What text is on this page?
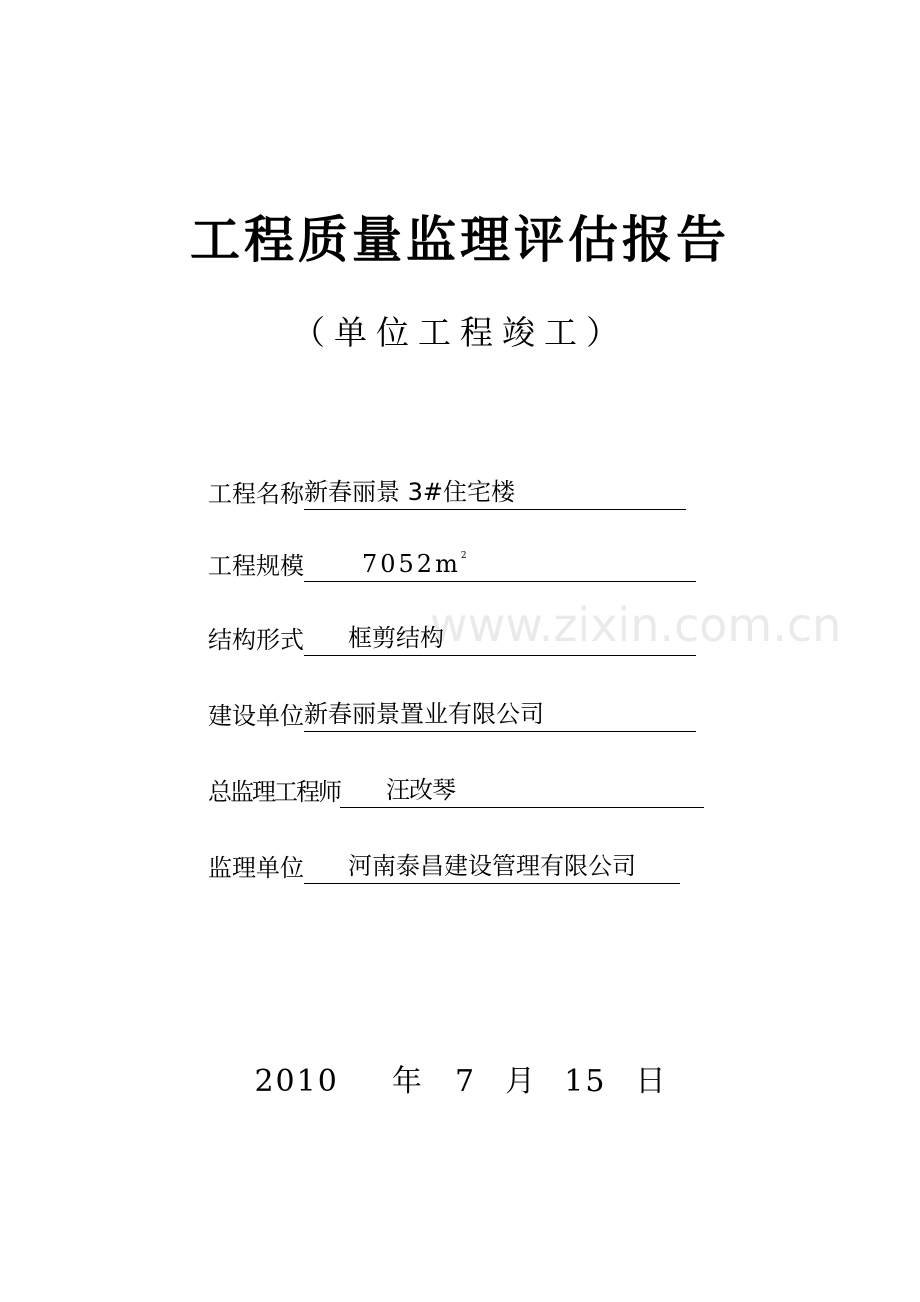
工程质量监理评估报告
（单位工程竣工）
工程名称 新春丽景 3#住宅楼
工程规模	$7052m^2$
结构形式	框剪结构
建设单位 新春丽景置业有限公司
总监理工程师	汪改琴
监理单位	河南泰昌建设管理有限公司
www.zixin.com.cn
2010 年 7 月 15 日
